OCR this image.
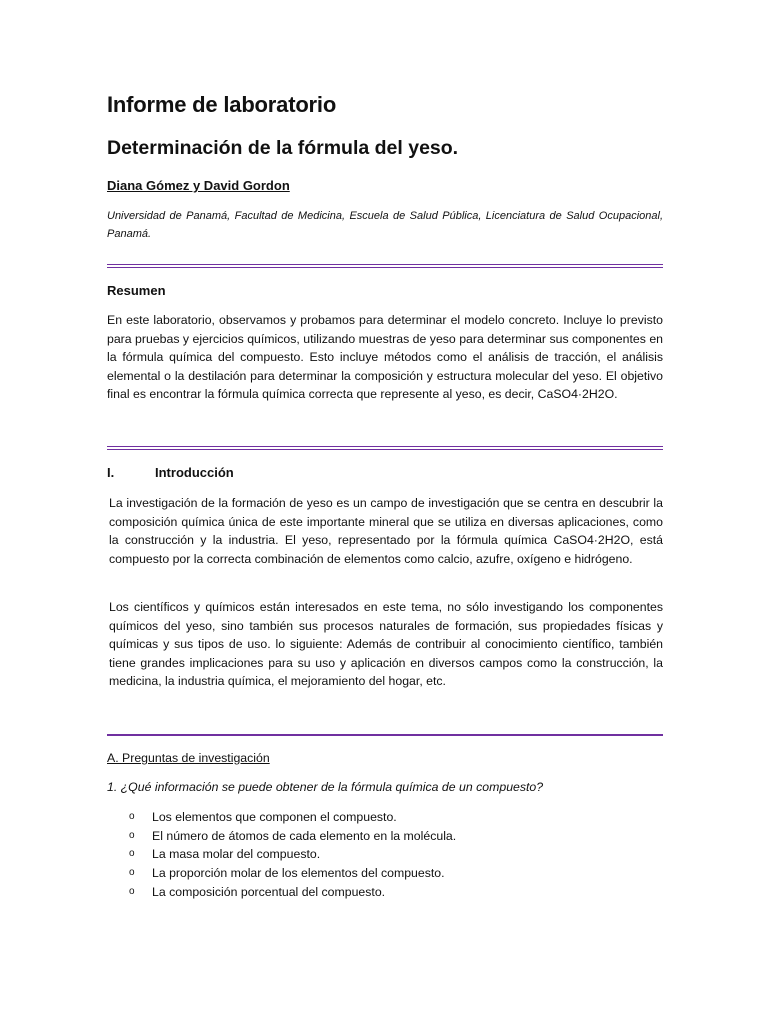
Informe de laboratorio
Determinación de la fórmula del yeso.

Diana Gómez y David Gordon

Universidad de Panamá, Facultad de Medicina, Escuela de Salud Pública, Licenciatura de Salud Ocupacional, Panamá.

Resumen

En este laboratorio, observamos y probamos para determinar el modelo concreto. Incluye lo previsto para pruebas y ejercicios químicos, utilizando muestras de yeso para determinar sus componentes en la fórmula química del compuesto. Esto incluye métodos como el análisis de tracción, el análisis elemental o la destilación para determinar la composición y estructura molecular del yeso. El objetivo final es encontrar la fórmula química correcta que represente al yeso, es decir, CaSO4·2H2O.

I.	Introducción

La investigación de la formación de yeso es un campo de investigación que se centra en descubrir la composición química única de este importante mineral que se utiliza en diversas aplicaciones, como la construcción y la industria. El yeso, representado por la fórmula química CaSO4·2H2O, está compuesto por la correcta combinación de elementos como calcio, azufre, oxígeno e hidrógeno.

Los científicos y químicos están interesados en este tema, no sólo investigando los componentes químicos del yeso, sino también sus procesos naturales de formación, sus propiedades físicas y químicas y sus tipos de uso. lo siguiente: Además de contribuir al conocimiento científico, también tiene grandes implicaciones para su uso y aplicación en diversos campos como la construcción, la medicina, la industria química, el mejoramiento del hogar, etc.

A. Preguntas de investigación

1. ¿Qué información se puede obtener de la fórmula química de un compuesto?

o Los elementos que componen el compuesto.
o El número de átomos de cada elemento en la molécula.
o La masa molar del compuesto.
o La proporción molar de los elementos del compuesto.
o La composición porcentual del compuesto.
